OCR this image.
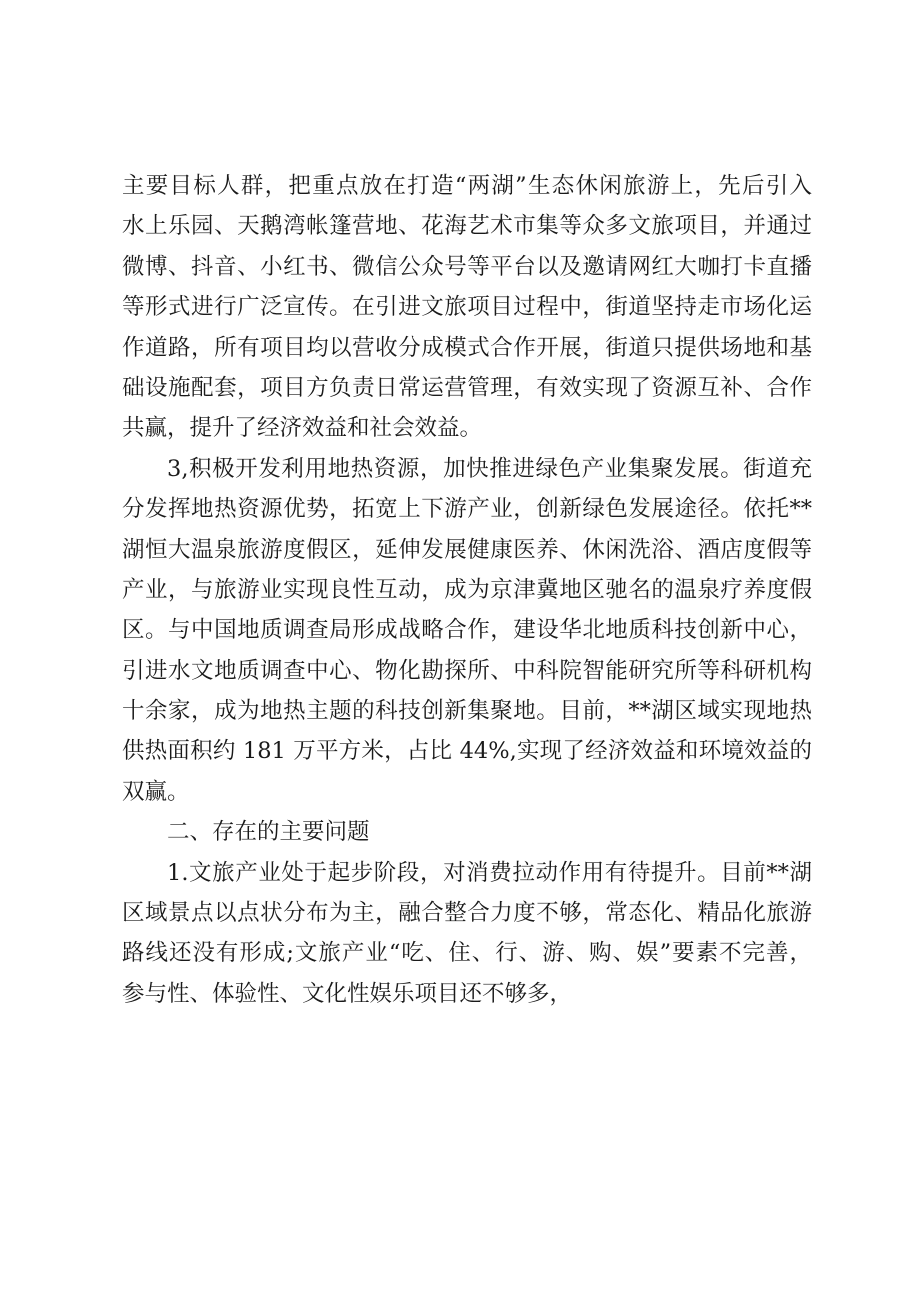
主要目标人群，把重点放在打造“两湖”生态休闲旅游上，先后引入
水上乐园、天鹅湾帐篷营地、花海艺术市集等众多文旅项目，并通过
微博、抖音、小红书、微信公众号等平台以及邀请网红大咖打卡直播
等形式进行广泛宣传。在引进文旅项目过程中，街道坚持走市场化运
作道路，所有项目均以营收分成模式合作开展，街道只提供场地和基
础设施配套，项目方负责日常运营管理，有效实现了资源互补、合作
共赢，提升了经济效益和社会效益。
3,积极开发利用地热资源，加快推进绿色产业集聚发展。街道充
分发挥地热资源优势，拓宽上下游产业，创新绿色发展途径。依托**
湖恒大温泉旅游度假区，延伸发展健康医养、休闲洗浴、酒店度假等
产业，与旅游业实现良性互动，成为京津冀地区驰名的温泉疗养度假
区。与中国地质调查局形成战略合作，建设华北地质科技创新中心，
引进水文地质调查中心、物化勘探所、中科院智能研究所等科研机构
十余家，成为地热主题的科技创新集聚地。目前，**湖区域实现地热
供热面积约 181 万平方米，占比 44%,实现了经济效益和环境效益的
双赢。
二、存在的主要问题
1.文旅产业处于起步阶段，对消费拉动作用有待提升。目前**湖
区域景点以点状分布为主，融合整合力度不够，常态化、精品化旅游
路线还没有形成;文旅产业“吃、住、行、游、购、娱”要素不完善，
参与性、体验性、文化性娱乐项目还不够多，
